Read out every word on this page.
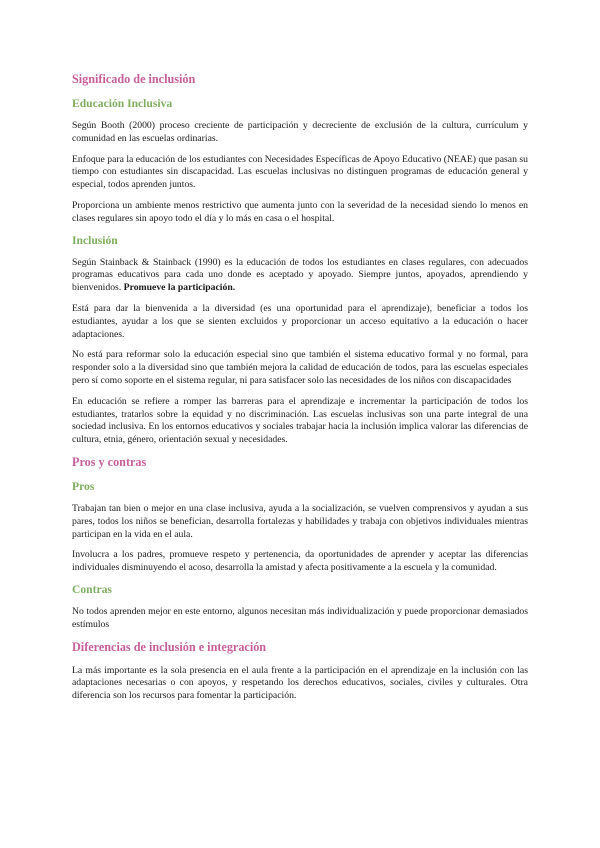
Significado de inclusión
Educación Inclusiva

Según Booth (2000) proceso creciente de participación y decreciente de exclusión de la cultura, currículum y comunidad en las escuelas ordinarias.

Enfoque para la educación de los estudiantes con Necesidades Específicas de Apoyo Educativo (NEAE) que pasan su tiempo con estudiantes sin discapacidad. Las escuelas inclusivas no distinguen programas de educación general y especial, todos aprenden juntos.

Proporciona un ambiente menos restrictivo que aumenta junto con la severidad de la necesidad siendo lo menos en clases regulares sin apoyo todo el día y lo más en casa o el hospital.

Inclusión

Según Stainback & Stainback (1990) es la educación de todos los estudiantes en clases regulares, con adecuados programas educativos para cada uno donde es aceptado y apoyado. Siempre juntos, apoyados, aprendiendo y bienvenidos. Promueve la participación.

Está para dar la bienvenida a la diversidad (es una oportunidad para el aprendizaje), beneficiar a todos los estudiantes, ayudar a los que se sienten excluidos y proporcionar un acceso equitativo a la educación o hacer adaptaciones.

No está para reformar solo la educación especial sino que también el sistema educativo formal y no formal, para responder solo a la diversidad sino que también mejora la calidad de educación de todos, para las escuelas especiales pero sí como soporte en el sistema regular, ni para satisfacer solo las necesidades de los niños con discapacidades

En educación se refiere a romper las barreras para el aprendizaje e incrementar la participación de todos los estudiantes, tratarlos sobre la equidad y no discriminación. Las escuelas inclusivas son una parte integral de una sociedad inclusiva. En los entornos educativos y sociales trabajar hacia la inclusión implica valorar las diferencias de cultura, etnia, género, orientación sexual y necesidades.

Pros y contras
Pros

Trabajan tan bien o mejor en una clase inclusiva, ayuda a la socialización, se vuelven comprensivos y ayudan a sus pares, todos los niños se benefician, desarrolla fortalezas y habilidades y trabaja con objetivos individuales mientras participan en la vida en el aula.

Involucra a los padres, promueve respeto y pertenencia, da oportunidades de aprender y aceptar las diferencias individuales disminuyendo el acoso, desarrolla la amistad y afecta positivamente a la escuela y la comunidad.

Contras

No todos aprenden mejor en este entorno, algunos necesitan más individualización y puede proporcionar demasiados estímulos

Diferencias de inclusión e integración

La más importante es la sola presencia en el aula frente a la participación en el aprendizaje en la inclusión con las adaptaciones necesarias o con apoyos, y respetando los derechos educativos, sociales, civiles y culturales. Otra diferencia son los recursos para fomentar la participación.
